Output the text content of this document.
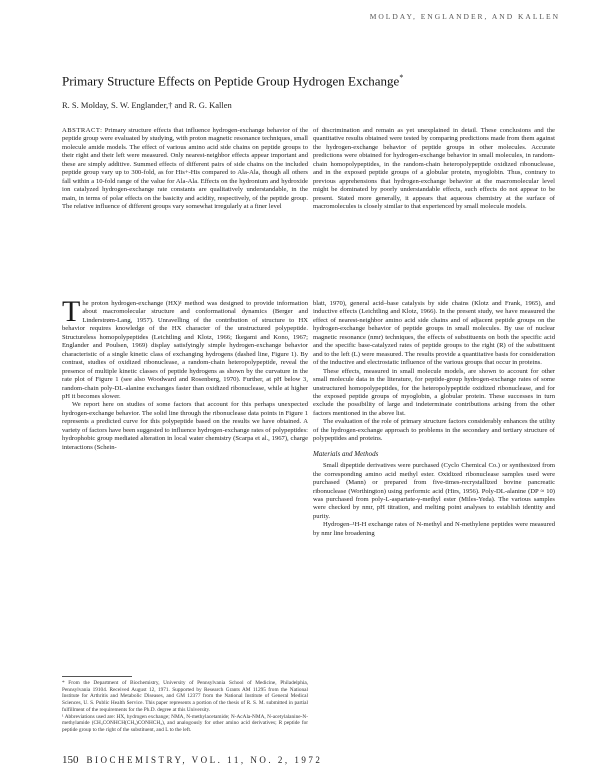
MOLDAY, ENGLANDER, AND KALLEN
Primary Structure Effects on Peptide Group Hydrogen Exchange*
R. S. Molday, S. W. Englander,† and R. G. Kallen

ABSTRACT: Primary structure effects that influence hydrogen-exchange behavior of the peptide group were evaluated by studying, with proton magnetic resonance techniques, small molecule amide models. The effect of various amino acid side chains on peptide groups to their right and their left were measured. Only nearest-neighbor effects appear important and these are simply additive. Summed effects of different pairs of side chains on the included peptide group vary up to 300-fold, as for His+-His compared to Ala-Ala, though all others fall within a 10-fold range of the value for Ala-Ala. Effects on the hydronium and hydroxide ion catalyzed hydrogen-exchange rate constants are qualitatively understandable, in the main, in terms of polar effects on the basicity and acidity, respectively, of the peptide group. The relative influence of different groups vary somewhat irregularly at a finer level

of discrimination and remain as yet unexplained in detail. These conclusions and the quantitative results obtained were tested by comparing predictions made from them against the hydrogen-exchange behavior of peptide groups in other molecules. Accurate predictions were obtained for hydrogen-exchange behavior in small molecules, in random-chain homopolypeptides, in the random-chain heteropolypeptide oxidized ribonuclease, and in the exposed peptide groups of a globular protein, myoglobin. Thus, contrary to previous apprehensions that hydrogen-exchange behavior at the macromolecular level might be dominated by poorly understandable effects, such effects do not appear to be present. Stated more generally, it appears that aqueous chemistry at the surface of macromolecules is closely similar to that experienced by small molecule models.

The proton hydrogen-exchange (HX)¹ method was designed to provide information about macromolecular structure and conformational dynamics (Berger and Linderstrøm-Lang, 1957). Unravelling of the contribution of structure to HX behavior requires knowledge of the HX character of the unstructured polypeptide. Structureless homopolypeptides (Leichtling and Klotz, 1966; Ikegami and Kono, 1967; Englander and Poulsen, 1969) display satisfyingly simple hydrogen-exchange behavior characteristic of a single kinetic class of exchanging hydrogens (dashed line, Figure 1). By contrast, studies of oxidized ribonuclease, a random-chain heteropolypeptide, reveal the presence of multiple kinetic classes of peptide hydrogens as shown by the curvature in the rate plot of Figure 1 (see also Woodward and Rosenberg, 1970). Further, at pH below 3, random-chain poly-DL-alanine exchanges faster than oxidized ribonuclease, while at higher pH it becomes slower.

We report here on studies of some factors that account for this perhaps unexpected hydrogen-exchange behavior. The solid line through the ribonuclease data points in Figure 1 represents a predicted curve for this polypeptide based on the results we have obtained. A variety of factors have been suggested to influence hydrogen-exchange rates of polypeptides: hydrophobic group mediated alteration in local water chemistry (Scarpa et al., 1967), charge interactions (Schein-

blatt, 1970), general acid–base catalysis by side chains (Klotz and Frank, 1965), and inductive effects (Leichtling and Klotz, 1966). In the present study, we have measured the effect of nearest-neighbor amino acid side chains and of adjacent peptide groups on the hydrogen-exchange behavior of peptide groups in small molecules. By use of nuclear magnetic resonance (nmr) techniques, the effects of substituents on both the specific acid and the specific base-catalyzed rates of peptide groups to the right (R) of the substituent and to the left (L) were measured. The results provide a quantitative basis for consideration of the inductive and electrostatic influence of the various groups that occur in proteins.

These effects, measured in small molecule models, are shown to account for other small molecule data in the literature, for peptide-group hydrogen-exchange rates of some unstructured homopolypeptides, for the heteropolypeptide oxidized ribonuclease, and for the exposed peptide groups of myoglobin, a globular protein. These successes in turn exclude the possibility of large and indeterminate contributions arising from the other factors mentioned in the above list.

The evaluation of the role of primary structure factors considerably enhances the utility of the hydrogen-exchange approach to problems in the secondary and tertiary structure of polypeptides and proteins.

Materials and Methods

Small dipeptide derivatives were purchased (Cyclo Chemical Co.) or synthesized from the corresponding amino acid methyl ester. Oxidized ribonuclease samples used were purchased (Mann) or prepared from five-times-recrystallized bovine pancreatic ribonuclease (Worthington) using performic acid (Hirs, 1956). Poly-DL-alanine (DP ≈ 10) was purchased from poly-L-aspartate-γ-methyl ester (Miles-Yeda). The various samples were checked by nmr, pH titration, and melting point analyses to establish identity and purity.

Hydrogen–¹H-H exchange rates of N-methyl and N-methylene peptides were measured by nmr line broadening

* From the Department of Biochemistry, University of Pennsylvania School of Medicine, Philadelphia, Pennsylvania 19104. Received August 12, 1971. Supported by Research Grants AM 11295 from the National Institute for Arthritis and Metabolic Diseases, and GM 12377 from the National Institute of General Medical Sciences, U. S. Public Health Service. This paper represents a portion of the thesis of R. S. M. submitted in partial fulfillment of the requirements for the Ph.D. degree at this University.

¹ Abbreviations used are: HX, hydrogen exchange; NMA, N-methylacetamide; N-AcAla-NMA, N-acetylalanine-N-methylamide (CH₃CONHCH(CH₃)CONHCH₃), and analogously for other amino acid derivatives; R peptide for peptide group to the right of the substituent, and L to the left.

150 BIOCHEMISTRY, VOL. 11, NO. 2, 1972
